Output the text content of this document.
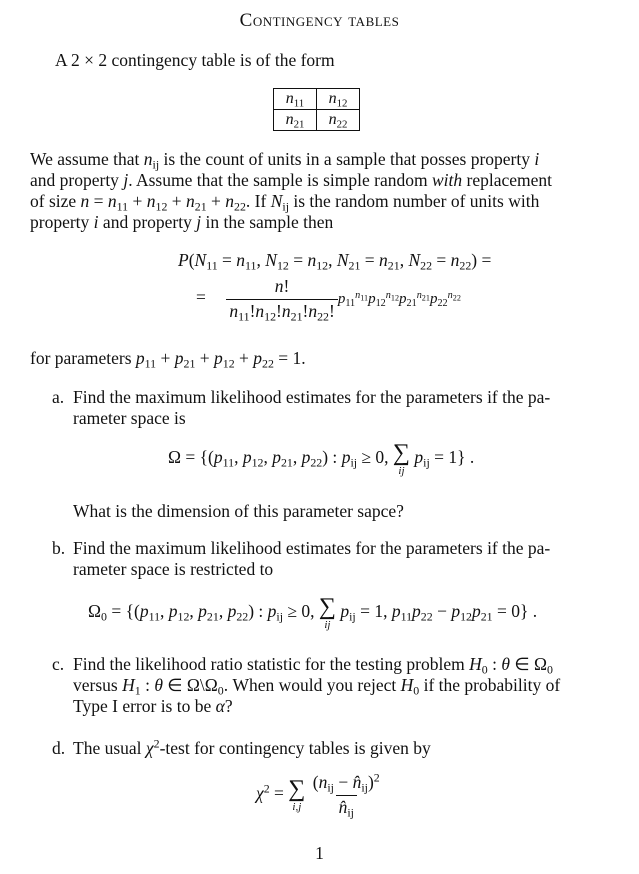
Contingency tables
A 2 × 2 contingency table is of the form
$n_{11}$	$n_{12}$
$n_{21}$	$n_{22}$
We assume that $n_{ij}$ is the count of units in a sample that posses property i
and property j. Assume that the sample is simple random with replacement
of size $n = n_{11} + n_{12} + n_{21} + n_{22}$. If $N_{ij}$ is the random number of units with
property i and property j in the sample then
$P(N_{11} = n_{11}$, $N_{12} = n_{12}$, $N_{21} = n_{21}$, $N_{22} = n_{22}$) =
= $\frac{n!}{n_{11}!n_{12}!n_{21}!n_{22}!} p_{11}^{n_{11}}p_{12}^{n_{12}}p_{21}^{n_{21}}p_{22}^{n_{22}}$
for parameters $p_{11} + p_{21} + p_{12} + p_{22} = 1$.
a. Find the maximum likelihood estimates for the parameters if the pa-
rameter space is
$\Omega = \{(p_{11}$, $p_{12}$, $p_{21}$, $p_{22}$) : $p_{ij} \ge 0$, ∑
ij
$p_{ij} = 1$} .
What is the dimension of this parameter sapce?
b. Find the maximum likelihood estimates for the parameters if the pa-
rameter space is restricted to
$\Omega_0 = \{(p_{11}$, $p_{12}$, $p_{21}$, $p_{22}$) : $p_{ij} \ge 0$, ∑
ij
$p_{ij} = 1$, $p_{11}p_{22} - p_{12}p_{21} = 0$} .
c. Find the likelihood ratio statistic for the testing problem $H_0$ : θ ∈ $\Omega_0$
versus $H_1$ : θ ∈ $\Omega\backslash\Omega_0$. When would you reject $H_0$ if the probability of
Type I error is to be α?
d. The usual $\chi^2$-test for contingency tables is given by
$\chi^2$ = ∑
i,j
$\frac{(n_{ij} - n̂_{ij})^2}{n̂_{ij}}$
1
